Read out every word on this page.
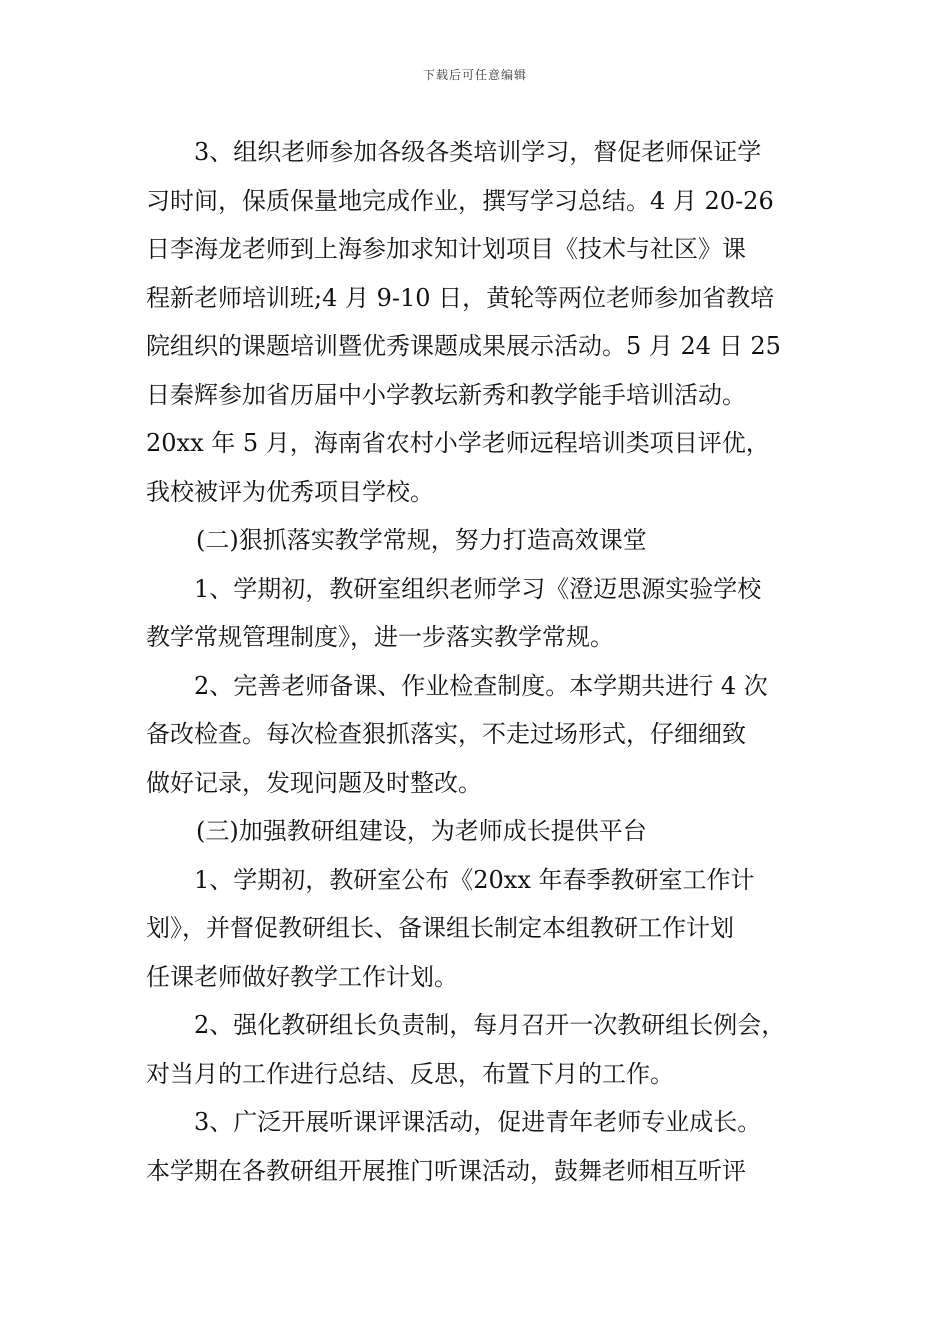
下载后可任意编辑
3、组织老师参加各级各类培训学习，督促老师保证学
习时间，保质保量地完成作业，撰写学习总结。4 月 20-26
日李海龙老师到上海参加求知计划项目《技术与社区》课
程新老师培训班;4 月 9-10 日，黄轮等两位老师参加省教培
院组织的课题培训暨优秀课题成果展示活动。5 月 24 日 25
日秦辉参加省历届中小学教坛新秀和教学能手培训活动。
20xx 年 5 月，海南省农村小学老师远程培训类项目评优，
我校被评为优秀项目学校。
(二)狠抓落实教学常规，努力打造高效课堂
1、学期初，教研室组织老师学习《澄迈思源实验学校
教学常规管理制度》，进一步落实教学常规。
2、完善老师备课、作业检查制度。本学期共进行 4 次
备改检查。每次检查狠抓落实，不走过场形式，仔细细致
做好记录，发现问题及时整改。
(三)加强教研组建设，为老师成长提供平台
1、学期初，教研室公布《20xx 年春季教研室工作计
划》，并督促教研组长、备课组长制定本组教研工作计划
任课老师做好教学工作计划。
2、强化教研组长负责制，每月召开一次教研组长例会，
对当月的工作进行总结、反思，布置下月的工作。
3、广泛开展听课评课活动，促进青年老师专业成长。
本学期在各教研组开展推门听课活动，鼓舞老师相互听评
